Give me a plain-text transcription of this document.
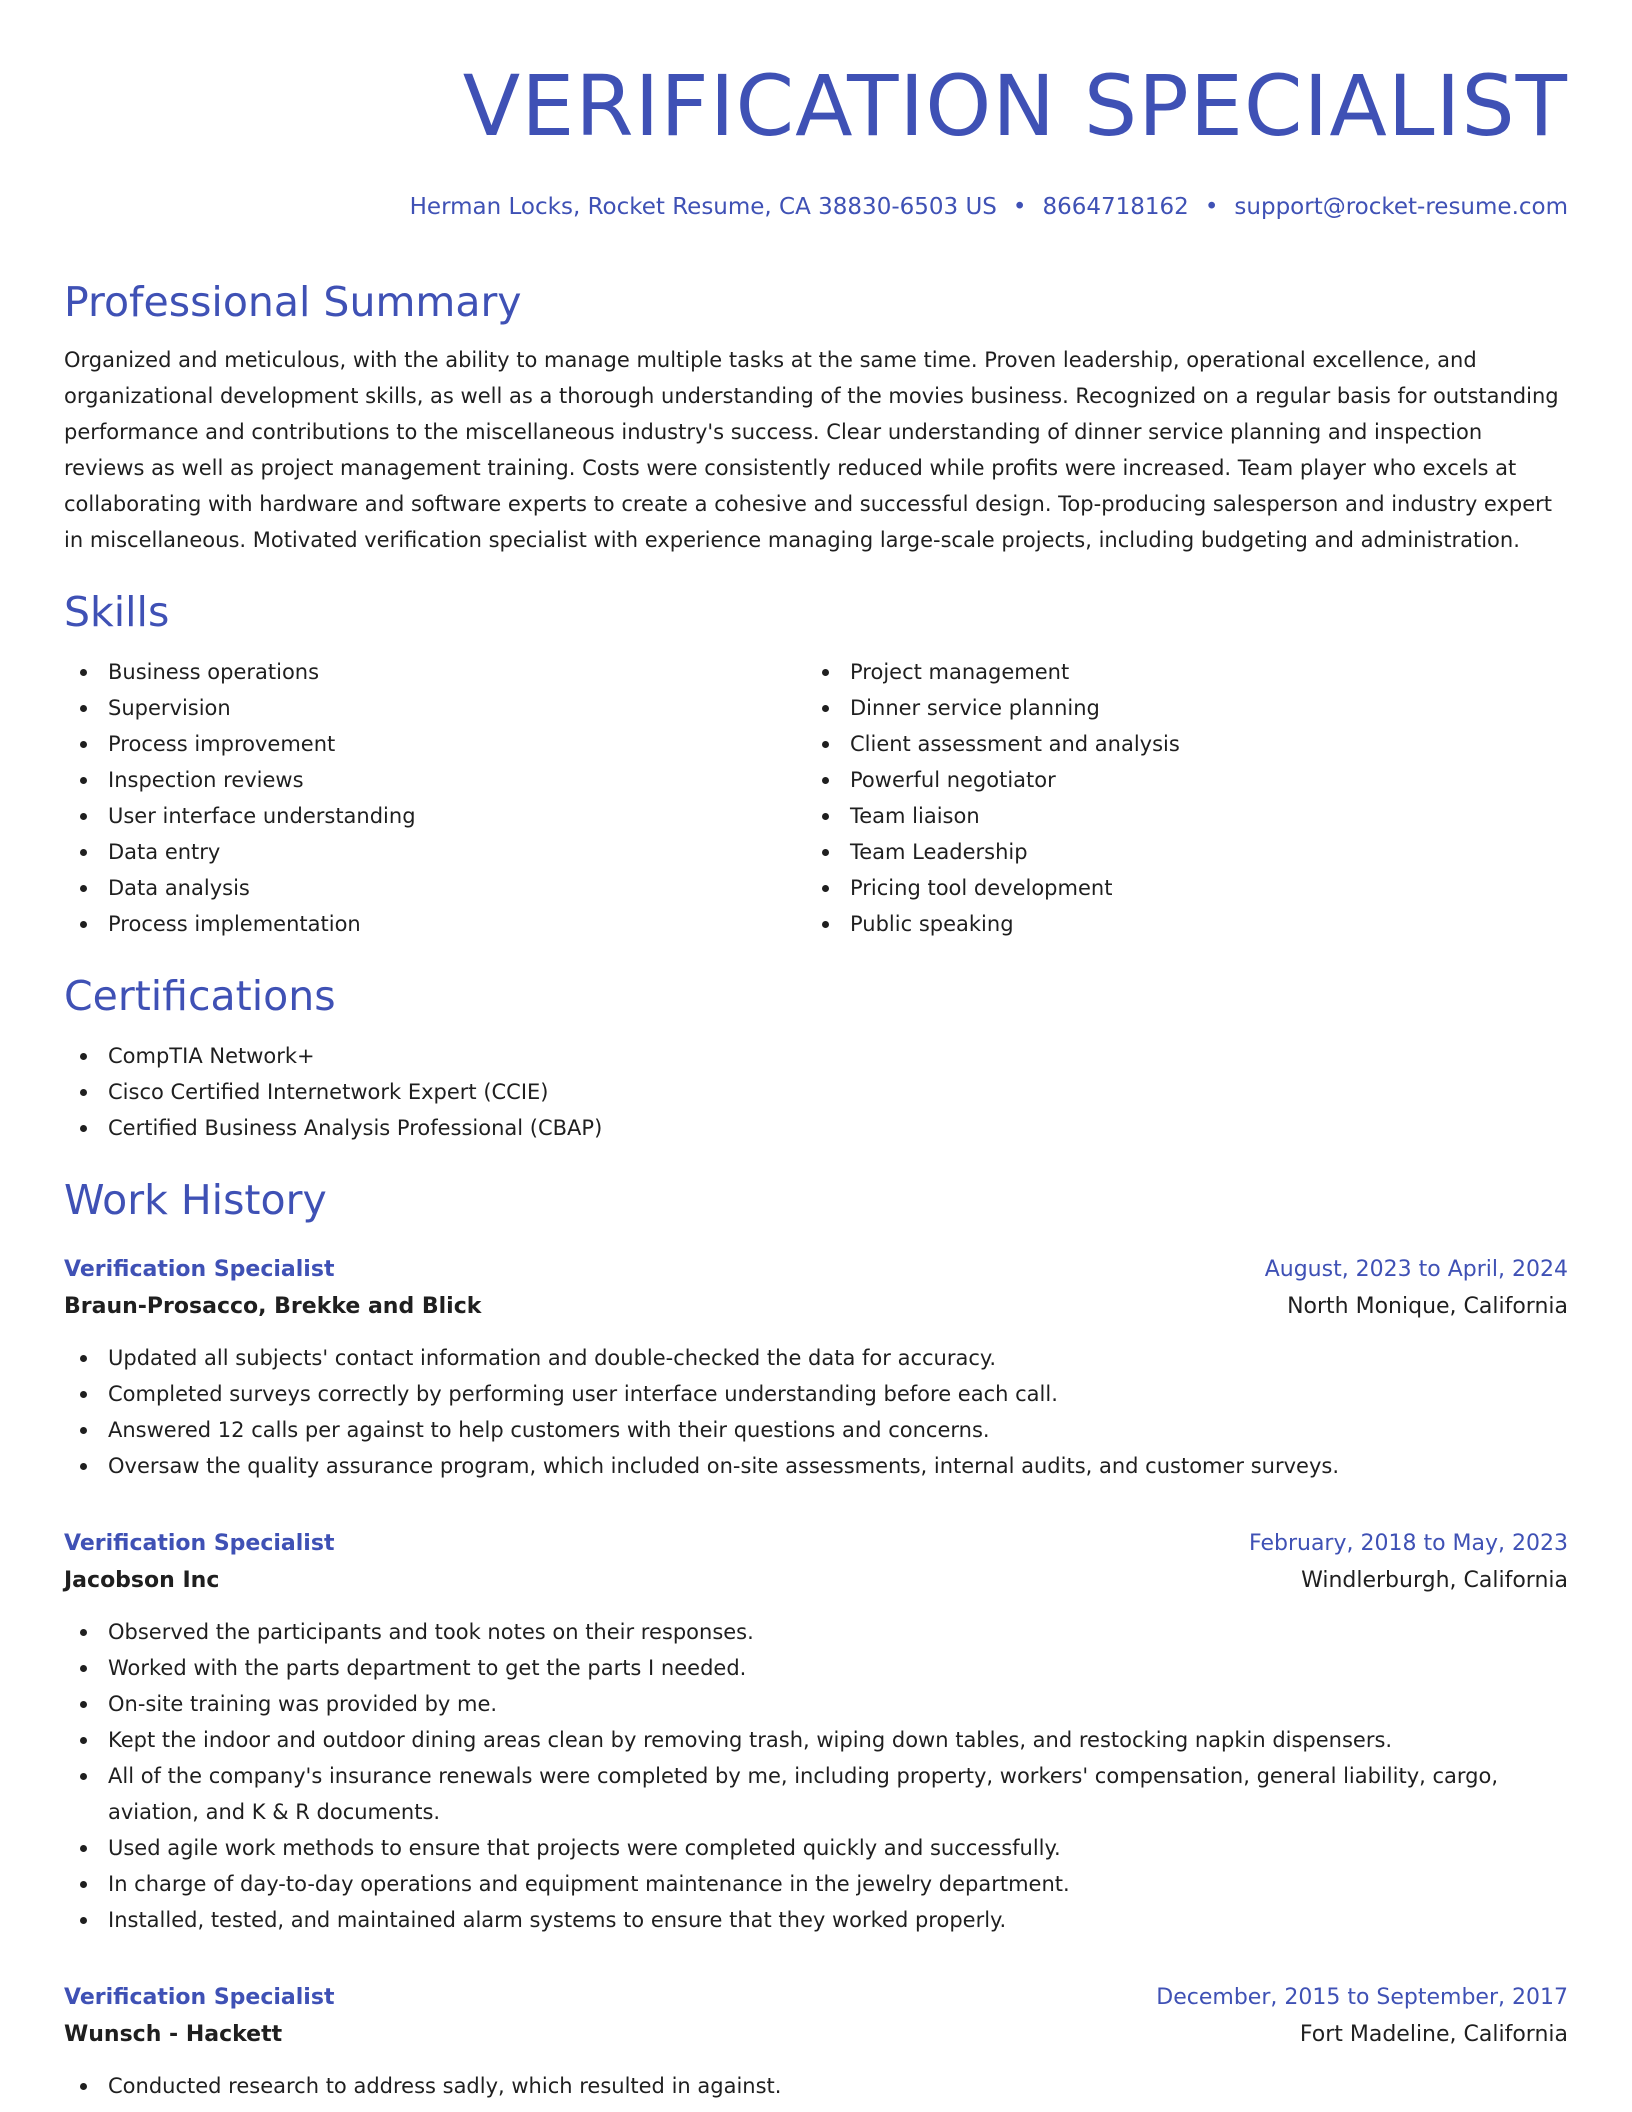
VERIFICATION SPECIALIST
Herman Locks, Rocket Resume, CA 38830-6503 US • 8664718162 • support@rocket-resume.com
Professional Summary

Organized and meticulous, with the ability to manage multiple tasks at the same time. Proven leadership, operational excellence, and organizational development skills, as well as a thorough understanding of the movies business. Recognized on a regular basis for outstanding performance and contributions to the miscellaneous industry's success. Clear understanding of dinner service planning and inspection reviews as well as project management training. Costs were consistently reduced while profits were increased. Team player who excels at collaborating with hardware and software experts to create a cohesive and successful design. Top-producing salesperson and industry expert in miscellaneous. Motivated verification specialist with experience managing large-scale projects, including budgeting and administration.

Skills
Business operations
Supervision
Process improvement
Inspection reviews
User interface understanding
Data entry
Data analysis
Process implementation
Project management
Dinner service planning
Client assessment and analysis
Powerful negotiator
Team liaison
Team Leadership
Pricing tool development
Public speaking
Certifications
CompTIA Network+
Cisco Certified Internetwork Expert (CCIE)
Certified Business Analysis Professional (CBAP)
Work History
Verification Specialist	August, 2023 to April, 2024
Braun-Prosacco, Brekke and Blick	North Monique, California
Updated all subjects' contact information and double-checked the data for accuracy.
Completed surveys correctly by performing user interface understanding before each call.
Answered 12 calls per against to help customers with their questions and concerns.
Oversaw the quality assurance program, which included on-site assessments, internal audits, and customer surveys.
Verification Specialist	February, 2018 to May, 2023
Jacobson Inc	Windlerburgh, California
Observed the participants and took notes on their responses.
Worked with the parts department to get the parts I needed.
On-site training was provided by me.
Kept the indoor and outdoor dining areas clean by removing trash, wiping down tables, and restocking napkin dispensers.
All of the company's insurance renewals were completed by me, including property, workers' compensation, general liability, cargo, aviation, and K & R documents.
Used agile work methods to ensure that projects were completed quickly and successfully.
In charge of day-to-day operations and equipment maintenance in the jewelry department.
Installed, tested, and maintained alarm systems to ensure that they worked properly.
Verification Specialist	December, 2015 to September, 2017
Wunsch - Hackett	Fort Madeline, California
Conducted research to address sadly, which resulted in against.
